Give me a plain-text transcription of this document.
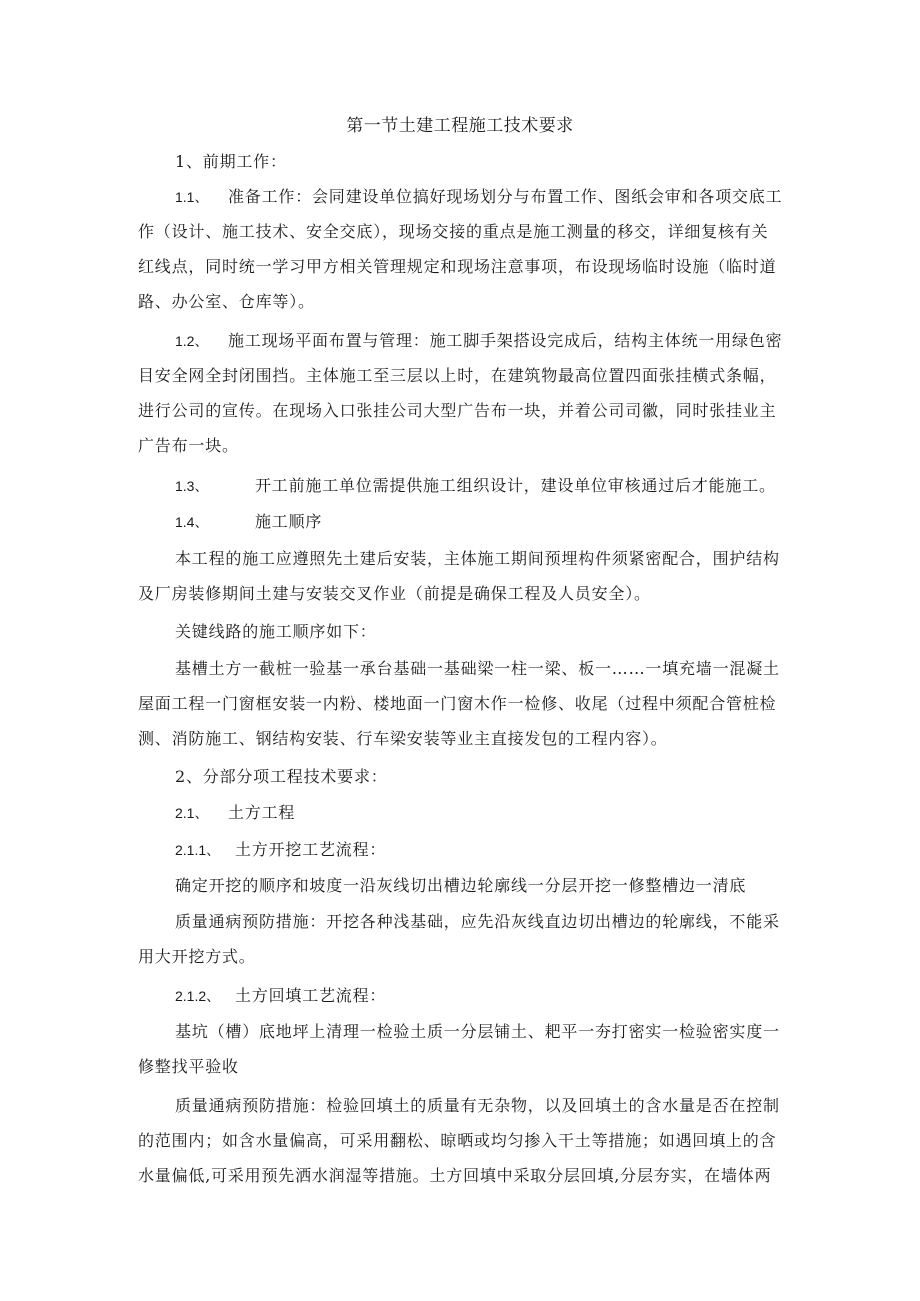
第一节土建工程施工技术要求
1、前期工作：
1.1、 准备工作：会同建设单位搞好现场划分与布置工作、图纸会审和各项交底工
作（设计、施工技术、安全交底），现场交接的重点是施工测量的移交，详细复核有关
红线点，同时统一学习甲方相关管理规定和现场注意事项，布设现场临时设施（临时道
路、办公室、仓库等）。
1.2、 施工现场平面布置与管理：施工脚手架搭设完成后，结构主体统一用绿色密
目安全网全封闭围挡。主体施工至三层以上时，在建筑物最高位置四面张挂横式条幅，
进行公司的宣传。在现场入口张挂公司大型广告布一块，并着公司司徽，同时张挂业主
广告布一块。
1.3、	开工前施工单位需提供施工组织设计，建设单位审核通过后才能施工。
1.4、	施工顺序
本工程的施工应遵照先土建后安装，主体施工期间预埋构件须紧密配合，围护结构
及厂房装修期间土建与安装交叉作业（前提是确保工程及人员安全）。
关键线路的施工顺序如下：
基槽土方一截桩一验基一承台基础一基础梁一柱一梁、板一……一填充墙一混凝土
屋面工程一门窗框安装一内粉、楼地面一门窗木作一检修、收尾（过程中须配合管桩检
测、消防施工、钢结构安装、行车梁安装等业主直接发包的工程内容）。
2、分部分项工程技术要求：
2.1、 土方工程
2.1.1、 土方开挖工艺流程：
确定开挖的顺序和坡度一沿灰线切出槽边轮廓线一分层开挖一修整槽边一清底
质量通病预防措施：开挖各种浅基础，应先沿灰线直边切出槽边的轮廓线，不能采
用大开挖方式。
2.1.2、 土方回填工艺流程：
基坑（槽）底地坪上清理一检验土质一分层铺土、耙平一夯打密实一检验密实度一
修整找平验收
质量通病预防措施：检验回填土的质量有无杂物，以及回填土的含水量是否在控制
的范围内；如含水量偏高，可采用翻松、晾晒或均匀掺入干土等措施；如遇回填上的含
水量偏低,可采用预先洒水润湿等措施。土方回填中采取分层回填,分层夯实，在墙体两
